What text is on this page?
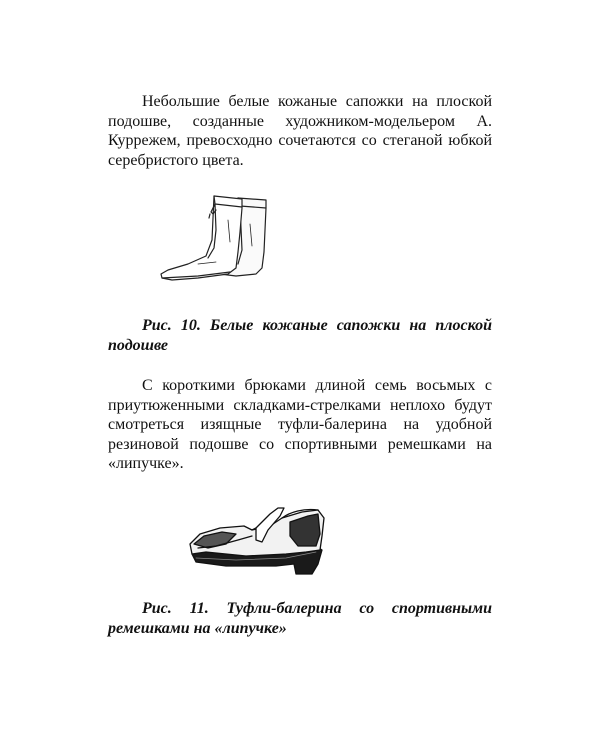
Небольшие белые кожаные сапожки на плоской подошве, созданные художником-модельером А. Куррежем, превосходно сочетаются со стеганой юбкой серебристого цвета.

Рис. 10. Белые кожаные сапожки на плоской подошве

С короткими брюками длиной семь восьмых с приутюженными складками-стрелками неплохо будут смотреться изящные туфли-балерина на удобной резиновой подошве со спортивными ремешками на «липучке».

Рис. 11. Туфли-балерина со спортивными ремешками на «липучке»
